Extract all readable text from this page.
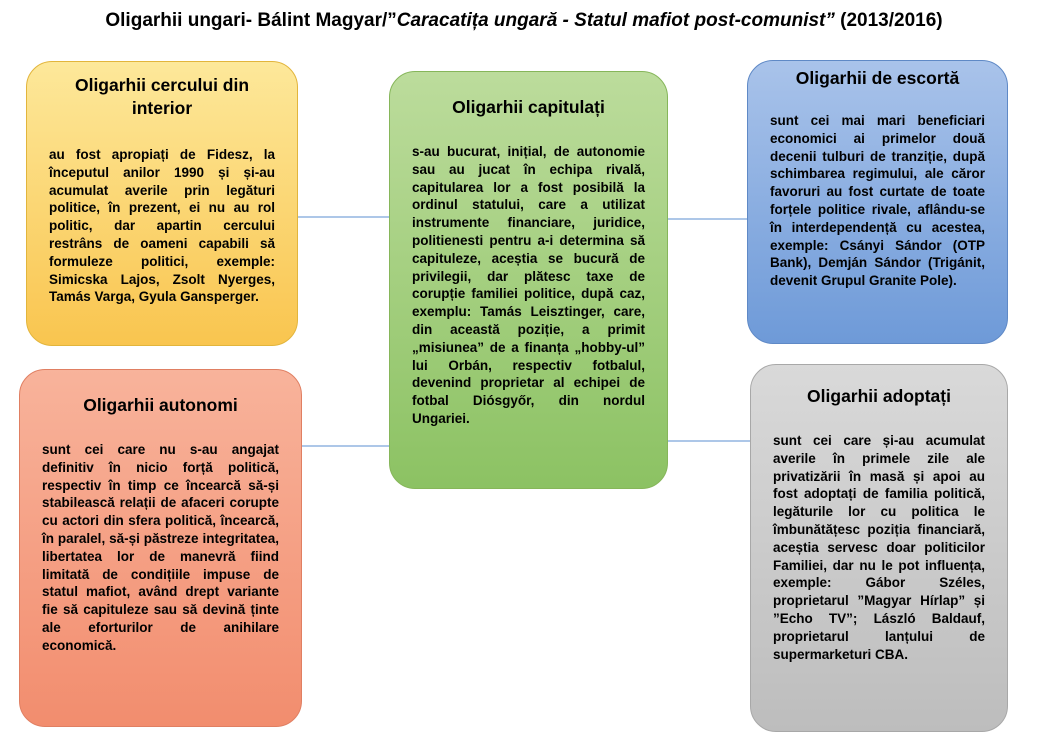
Oligarhii ungari- Bálint Magyar/”Caracatița ungară - Statul mafiot post-comunist” (2013/2016)
Oligarhii cercului din interior

au fost apropiați de Fidesz, la începutul anilor 1990 și și-au acumulat averile prin legături politice, în prezent, ei nu au rol politic, dar apartin cercului restrâns de oameni capabili să formuleze politici, exemple: Simicska Lajos, Zsolt Nyerges, Tamás Varga, Gyula Gansperger.

Oligarhii capitulați

s-au bucurat, inițial, de autonomie sau au jucat în echipa rivală, capitularea lor a fost posibilă la ordinul statului, care a utilizat instrumente financiare, juridice, politienesti pentru a-i determina să capituleze, aceștia se bucură de privilegii, dar plătesc taxe de corupție familiei politice, după caz, exemplu: Tamás Leisztinger, care, din această poziție, a primit „misiunea” de a finanța „hobby-ul” lui Orbán, respectiv fotbalul, devenind proprietar al echipei de fotbal Diósgyőr, din nordul Ungariei.

Oligarhii de escortă

sunt cei mai mari beneficiari economici ai primelor două decenii tulburi de tranziție, după schimbarea regimului, ale căror favoruri au fost curtate de toate forțele politice rivale, aflându-se în interdependență cu acestea, exemple: Csányi Sándor (OTP Bank), Demján Sándor (Trigánit, devenit Grupul Granite Pole).

Oligarhii autonomi

sunt cei care nu s-au angajat definitiv în nicio forță politică, respectiv în timp ce încearcă să-și stabilească relații de afaceri corupte cu actori din sfera politică, încearcă, în paralel, să-și păstreze integritatea, libertatea lor de manevră fiind limitată de condițiile impuse de statul mafiot, având drept variante fie să capituleze sau să devină ținte ale eforturilor de anihilare economică.

Oligarhii adoptați

sunt cei care și-au acumulat averile în primele zile ale privatizării în masă și apoi au fost adoptați de familia politică, legăturile lor cu politica le îmbunătățesc poziția financiară, aceștia servesc doar politicilor Familiei, dar nu le pot influența, exemple: Gábor Széles, proprietarul ”Magyar Hírlap” și ”Echo TV”; László Baldauf, proprietarul lanțului de supermarketuri CBA.
